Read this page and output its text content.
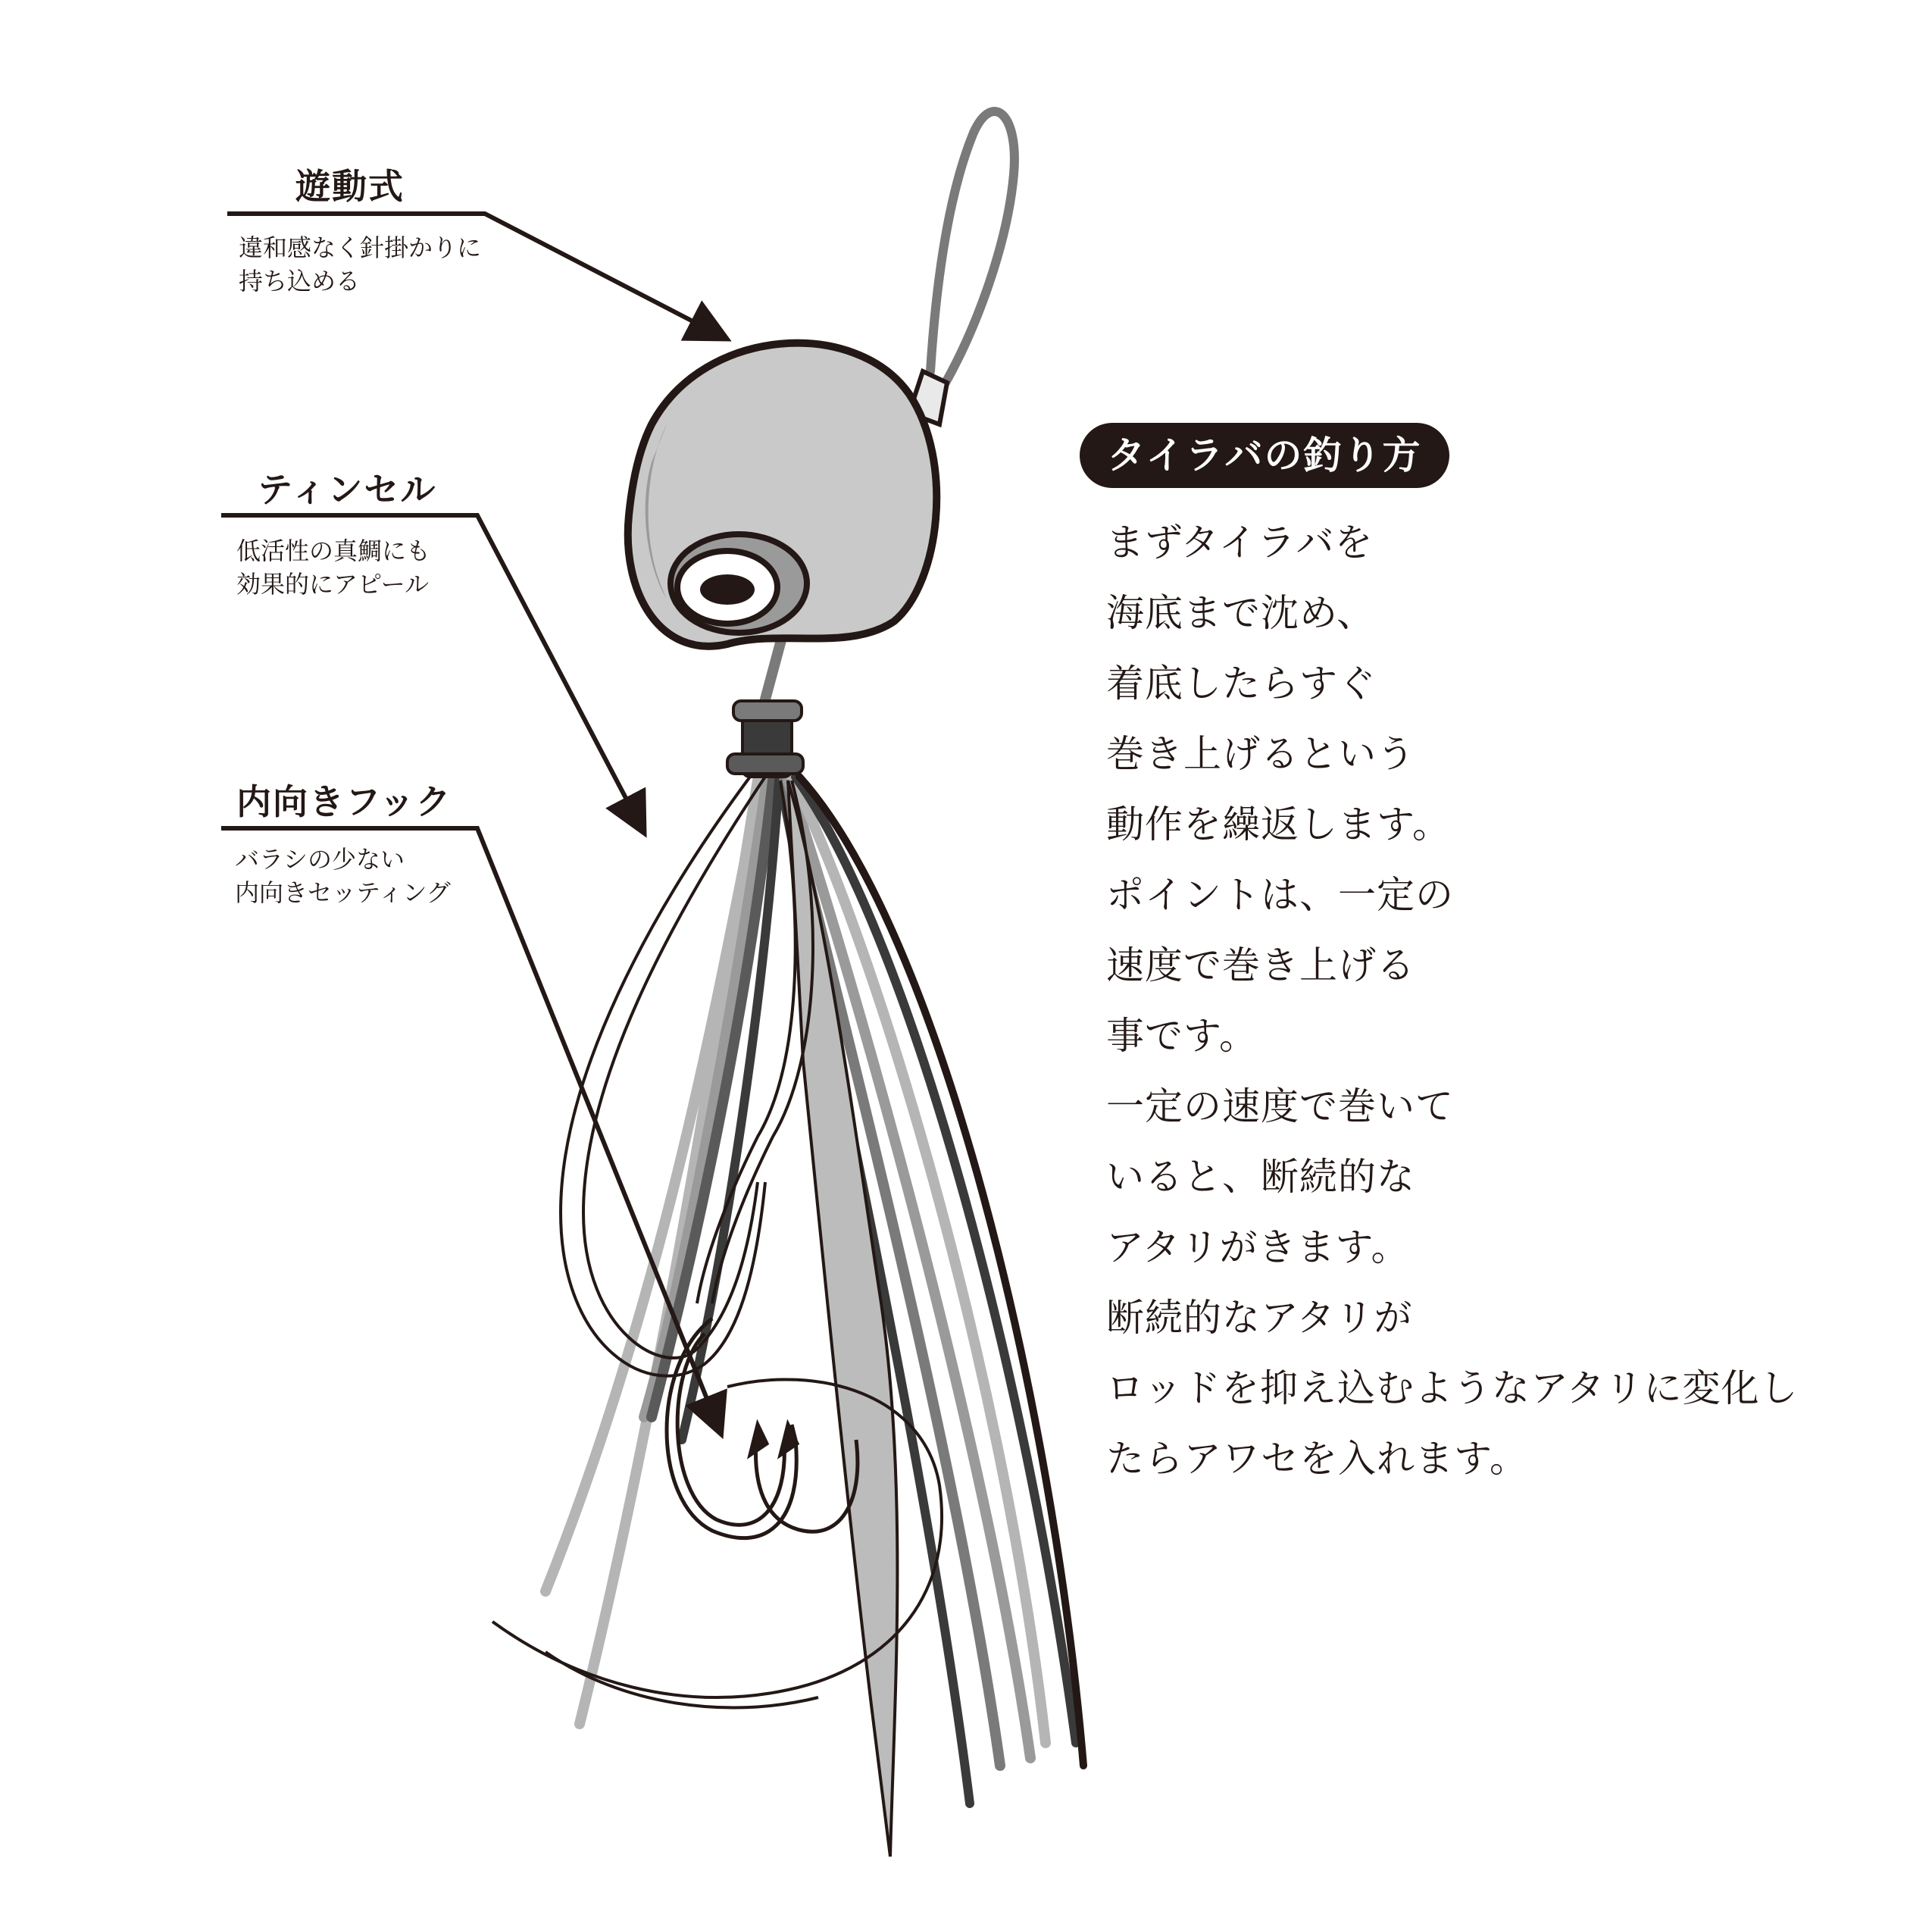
遊動式
違和感なく針掛かりに
持ち込める
ティンセル
低活性の真鯛にも
効果的にアピール
内向きフック
バラシの少ない
内向きセッティング
タイラバの釣り方
まずタイラバを
海底まで沈め、
着底したらすぐ
巻き上げるという
動作を繰返します。
ポイントは、一定の
速度で巻き上げる
事です。
一定の速度で巻いて
いると、断続的な
アタリがきます。
断続的なアタリが
ロッドを抑え込むようなアタリに変化し
たらアワセを入れます。
